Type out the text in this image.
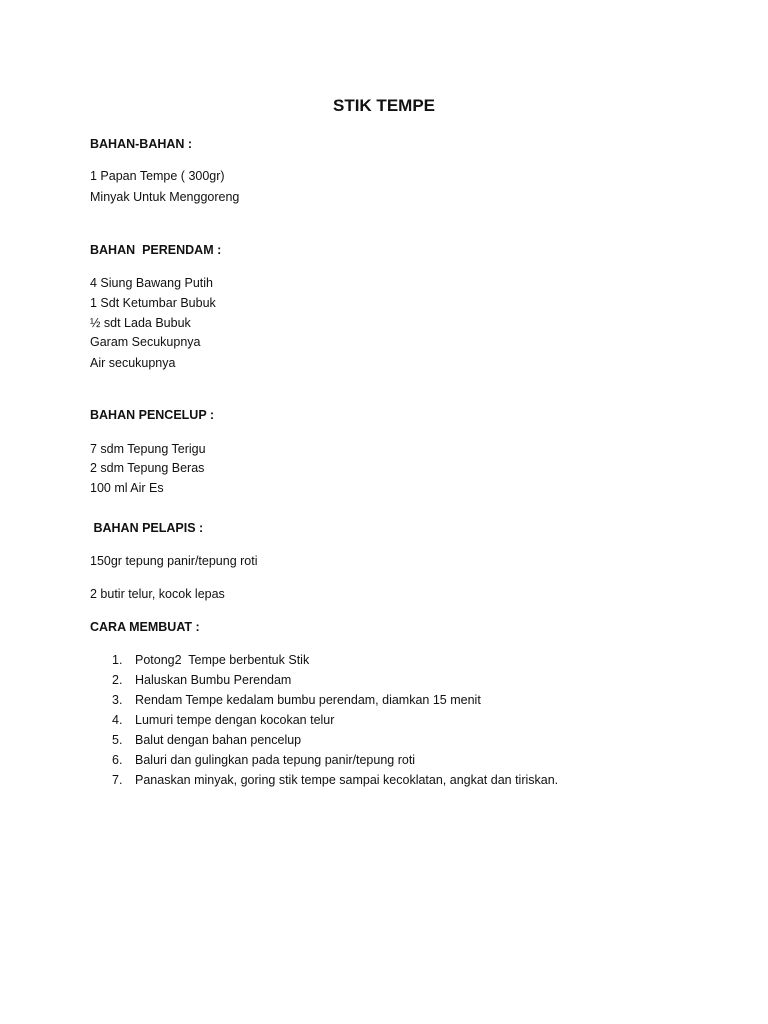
STIK TEMPE

BAHAN-BAHAN :

1 Papan Tempe ( 300gr)

Minyak Untuk Menggoreng

BAHAN  PERENDAM :

4 Siung Bawang Putih

1 Sdt Ketumbar Bubuk

½ sdt Lada Bubuk

Garam Secukupnya

Air secukupnya

BAHAN PENCELUP :

7 sdm Tepung Terigu

2 sdm Tepung Beras

100 ml Air Es

BAHAN PELAPIS :

150gr tepung panir/tepung roti

2 butir telur, kocok lepas

CARA MEMBUAT :

1. Potong2  Tempe berbentuk Stik
2. Haluskan Bumbu Perendam
3. Rendam Tempe kedalam bumbu perendam, diamkan 15 menit
4. Lumuri tempe dengan kocokan telur
5. Balut dengan bahan pencelup
6. Baluri dan gulingkan pada tepung panir/tepung roti
7. Panaskan minyak, goring stik tempe sampai kecoklatan, angkat dan tiriskan.
